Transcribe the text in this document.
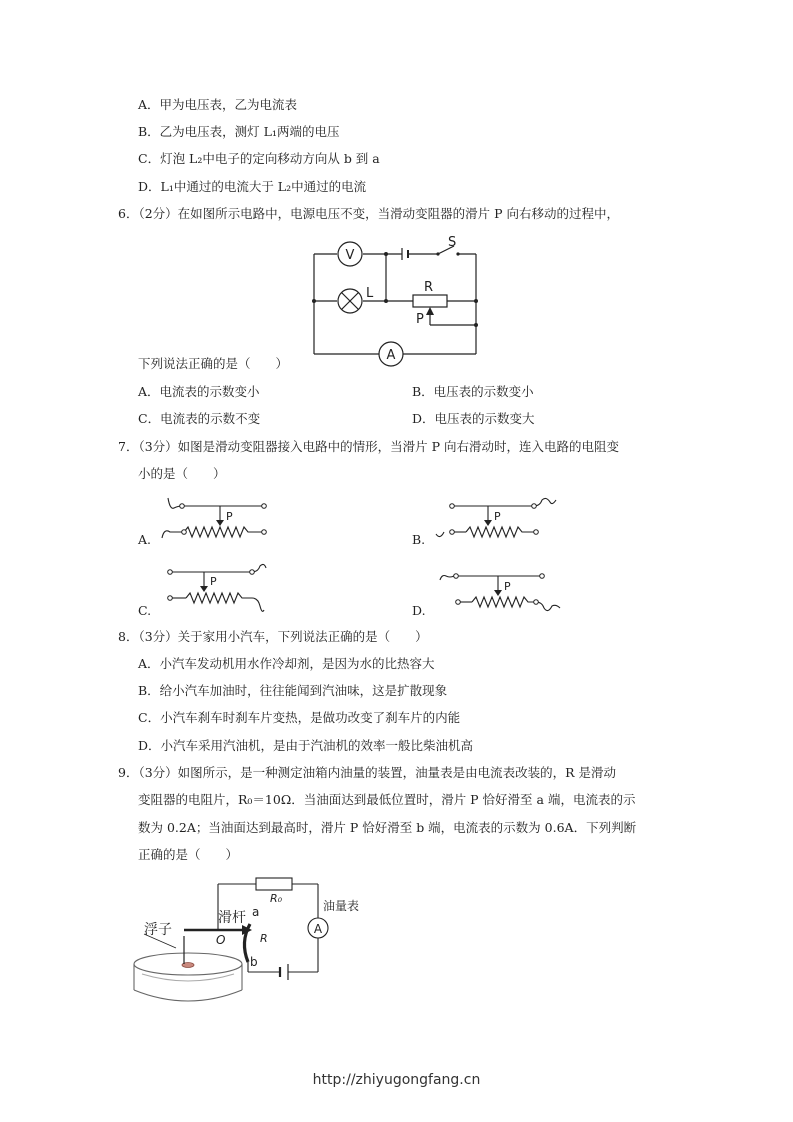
A．甲为电压表，乙为电流表
B．乙为电压表，测灯 L₁两端的电压
C．灯泡 L₂中电子的定向移动方向从 b 到 a
D．L₁中通过的电流大于 L₂中通过的电流
6．（2分）在如图所示电路中，电源电压不变，当滑动变阻器的滑片 P 向右移动的过程中，
V
L	R
P
S
A
下列说法正确的是（　　）
A．电流表的示数变小	B．电压表的示数变小
C．电流表的示数不变	D．电压表的示数变大
7．（3分）如图是滑动变阻器接入电路中的情形，当滑片 P 向右滑动时，连入电路的电阻变
小的是（　　）
A.
P
B.
P
C.
P
D.
P
8．（3分）关于家用小汽车，下列说法正确的是（　　）
A．小汽车发动机用水作冷却剂，是因为水的比热容大
B．给小汽车加油时，往往能闻到汽油味，这是扩散现象
C．小汽车刹车时刹车片变热，是做功改变了刹车片的内能
D．小汽车采用汽油机，是由于汽油机的效率一般比柴油机高
9．（3分）如图所示，是一种测定油箱内油量的装置，油量表是由电流表改装的，R 是滑动
变阻器的电阻片，R₀＝10Ω．当油面达到最低位置时，滑片 P 恰好滑至 a 端，电流表的示
数为 0.2A；当油面达到最高时，滑片 P 恰好滑至 b 端，电流表的示数为 0.6A．下列判断
正确的是（　　）
A
R₀
油量表
浮子
滑杆 a
b
O	R
http://zhiyugongfang.cn
